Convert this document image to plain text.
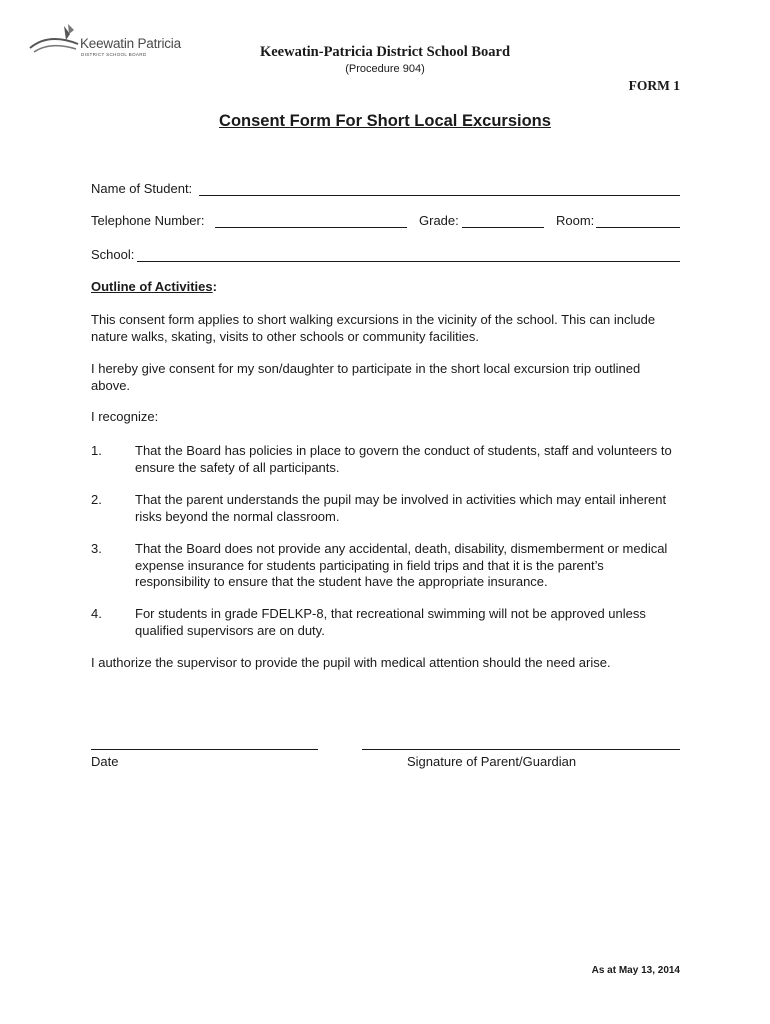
Keewatin Patricia
DISTRICT SCHOOL BOARD	Keewatin-Patricia District School Board
(Procedure 904)
FORM 1
Consent Form For Short Local Excursions
Name of Student:
Telephone Number:	Grade:	Room:
School:
Outline of Activities:
This consent form applies to short walking excursions in the vicinity of the school. This can include nature walks, skating, visits to other schools or community facilities.
I hereby give consent for my son/daughter to participate in the short local excursion trip outlined above.
I recognize:
1.	That the Board has policies in place to govern the conduct of students, staff and volunteers to ensure the safety of all participants.
2.	That the parent understands the pupil may be involved in activities which may entail inherent risks beyond the normal classroom.
3.	That the Board does not provide any accidental, death, disability, dismemberment or medical expense insurance for students participating in field trips and that it is the parent’s responsibility to ensure that the student have the appropriate insurance.
4.	For students in grade FDELKP-8, that recreational swimming will not be approved unless qualified supervisors are on duty.
I authorize the supervisor to provide the pupil with medical attention should the need arise.
Date	Signature of Parent/Guardian
As at May 13, 2014
